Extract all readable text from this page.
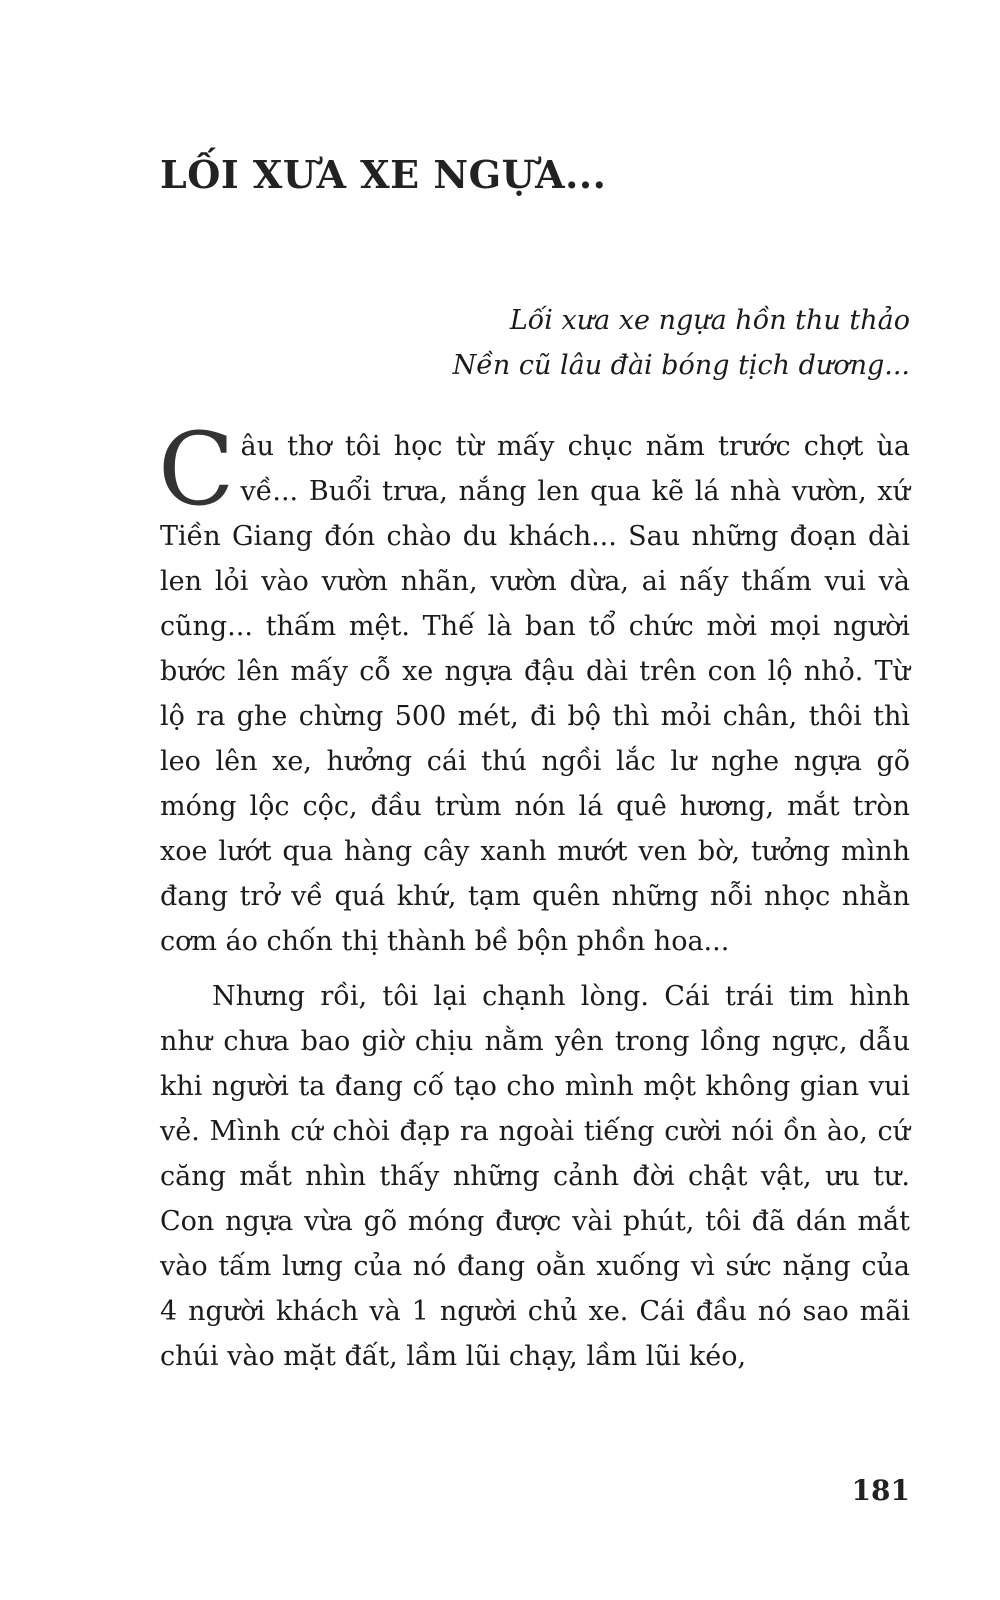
LỐI XƯA XE NGỰA...
Lối xưa xe ngựa hồn thu thảo
Nền cũ lâu đài bóng tịch dương...

Câu thơ tôi học từ mấy chục năm trước chợt ùa về... Buổi trưa, nắng len qua kẽ lá nhà vườn, xứ Tiền Giang đón chào du khách... Sau những đoạn dài len lỏi vào vườn nhãn, vườn dừa, ai nấy thấm vui và cũng... thấm mệt. Thế là ban tổ chức mời mọi người bước lên mấy cỗ xe ngựa đậu dài trên con lộ nhỏ. Từ lộ ra ghe chừng 500 mét, đi bộ thì mỏi chân, thôi thì leo lên xe, hưởng cái thú ngồi lắc lư nghe ngựa gõ móng lộc cộc, đầu trùm nón lá quê hương, mắt tròn xoe lướt qua hàng cây xanh mướt ven bờ, tưởng mình đang trở về quá khứ, tạm quên những nỗi nhọc nhằn cơm áo chốn thị thành bề bộn phồn hoa...

Nhưng rồi, tôi lại chạnh lòng. Cái trái tim hình như chưa bao giờ chịu nằm yên trong lồng ngực, dẫu khi người ta đang cố tạo cho mình một không gian vui vẻ. Mình cứ chòi đạp ra ngoài tiếng cười nói ồn ào, cứ căng mắt nhìn thấy những cảnh đời chật vật, ưu tư. Con ngựa vừa gõ móng được vài phút, tôi đã dán mắt vào tấm lưng của nó đang oằn xuống vì sức nặng của 4 người khách và 1 người chủ xe. Cái đầu nó sao mãi chúi vào mặt đất, lầm lũi chạy, lầm lũi kéo,

181
